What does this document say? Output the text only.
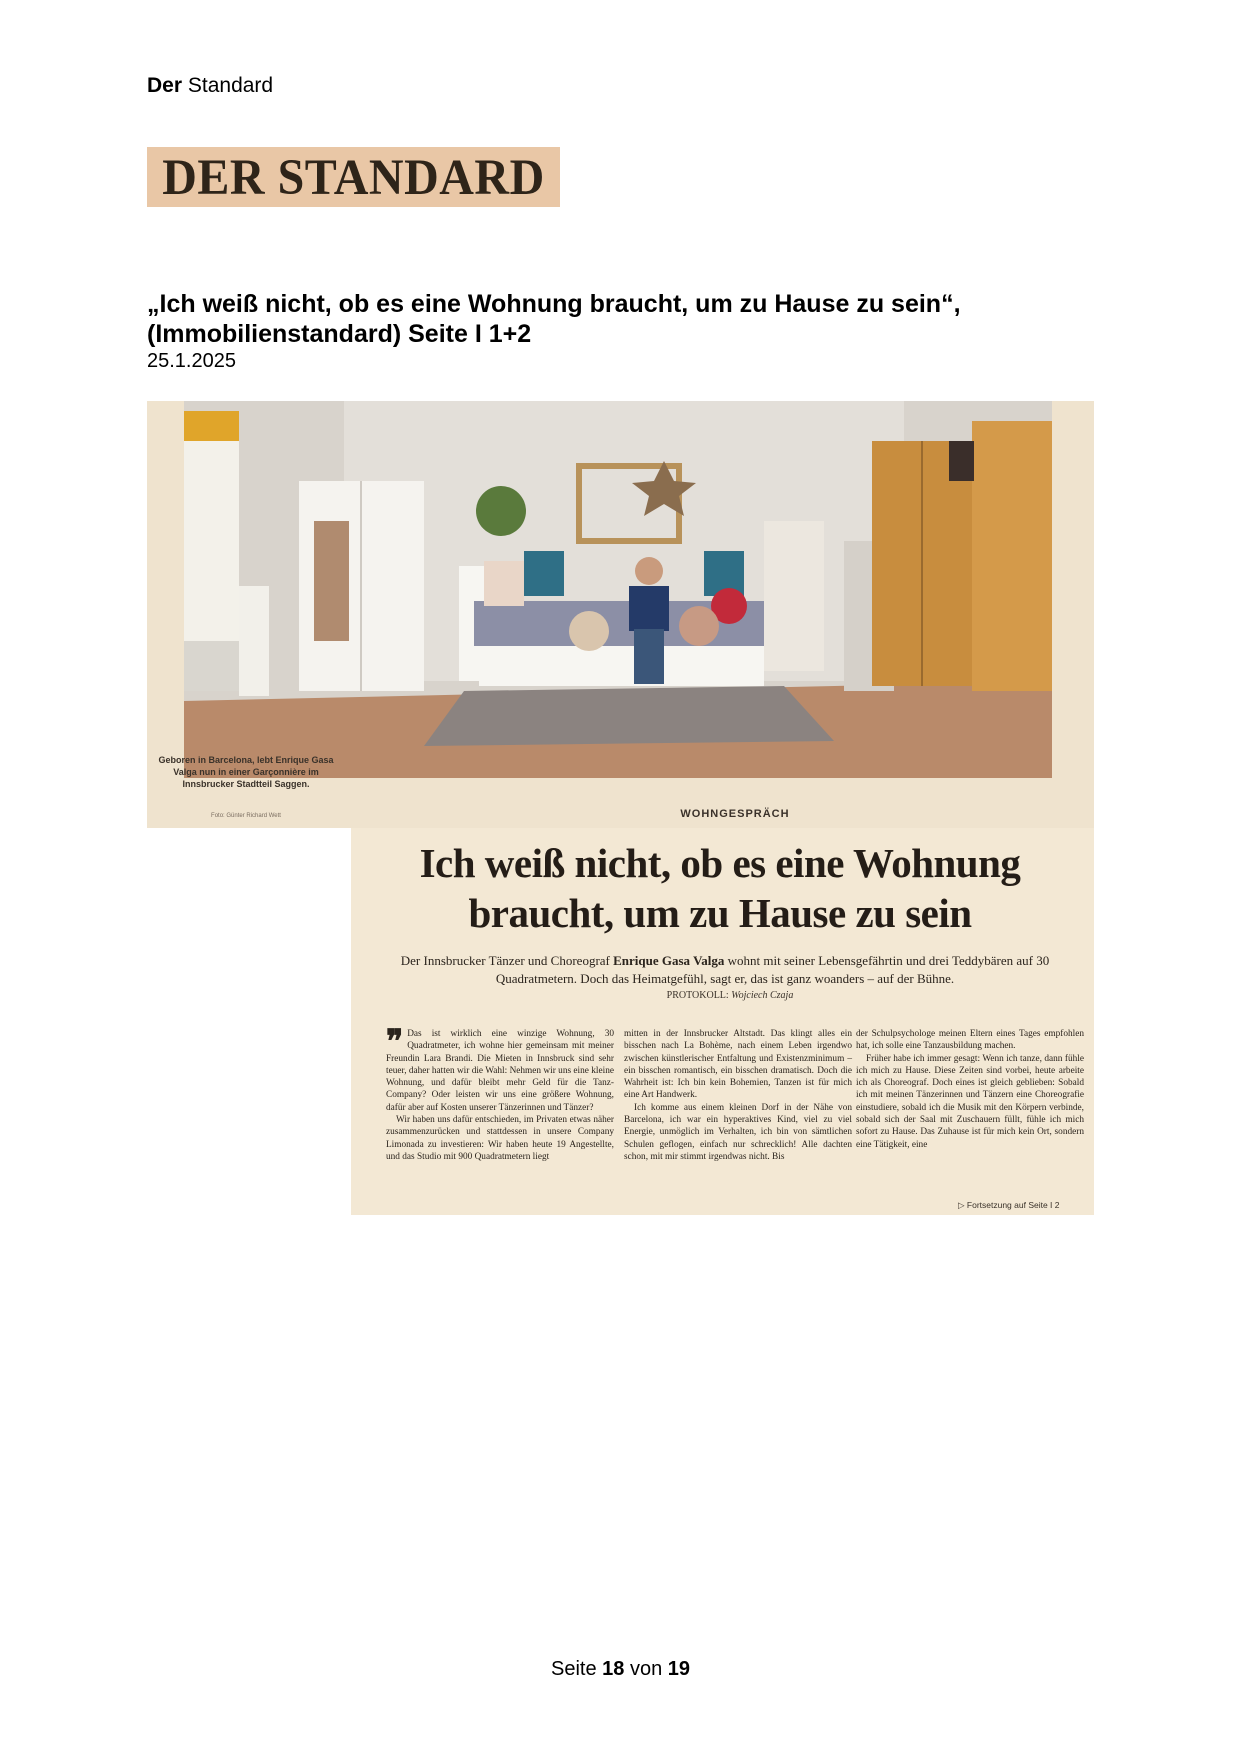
Der Standard
DER STANDARD
„Ich weiß nicht, ob es eine Wohnung braucht, um zu Hause zu sein“,
(Immobilienstandard) Seite I 1+2
25.1.2025
Geboren in Barcelona, lebt Enrique Gasa Valga nun in einer Garçonnière im Innsbrucker Stadtteil Saggen.
Foto: Günter Richard Wett	WOHNGESPRÄCH
Ich weiß nicht, ob es eine Wohnung
braucht, um zu Hause zu sein
Der Innsbrucker Tänzer und Choreograf Enrique Gasa Valga wohnt mit seiner Lebensgefährtin und drei Teddybären auf 30 Quadratmetern. Doch das Heimatgefühl, sagt er, das ist ganz woanders – auf der Bühne.
PROTOKOLL: Wojciech Czaja
❞ Das ist wirklich eine winzige Wohnung, 30 Quadratmeter, ich wohne hier gemeinsam mit meiner Freundin Lara Brandi. Die Mieten in Innsbruck sind sehr teuer, daher hatten wir die Wahl: Nehmen wir uns eine kleine Wohnung, und dafür bleibt mehr Geld für die Tanz-Company? Oder leisten wir uns eine größere Wohnung, dafür aber auf Kosten unserer Tänzerinnen und Tänzer?

Wir haben uns dafür entschieden, im Privaten etwas näher zusammenzurücken und stattdessen in unsere Company Limonada zu investieren: Wir haben heute 19 Angestellte, und das Studio mit 900 Quadratmetern liegt

mitten in der Innsbrucker Altstadt. Das klingt alles ein bisschen nach La Bohème, nach einem Leben irgendwo zwischen künstlerischer Entfaltung und Existenzminimum – ein bisschen romantisch, ein bisschen dramatisch. Doch die Wahrheit ist: Ich bin kein Bohemien, Tanzen ist für mich eine Art Handwerk.

Ich komme aus einem kleinen Dorf in der Nähe von Barcelona, ich war ein hyperaktives Kind, viel zu viel Energie, unmöglich im Verhalten, ich bin von sämtlichen Schulen geflogen, einfach nur schrecklich! Alle dachten schon, mit mir stimmt irgendwas nicht. Bis

der Schulpsychologe meinen Eltern eines Tages empfohlen hat, ich solle eine Tanzausbildung machen.

Früher habe ich immer gesagt: Wenn ich tanze, dann fühle ich mich zu Hause. Diese Zeiten sind vorbei, heute arbeite ich als Choreograf. Doch eines ist gleich geblieben: Sobald ich mit meinen Tänzerinnen und Tänzern eine Choreografie einstudiere, sobald ich die Musik mit den Körpern verbinde, sobald sich der Saal mit Zuschauern füllt, fühle ich mich sofort zu Hause. Das Zuhause ist für mich kein Ort, sondern eine Tätigkeit, eine

▷ Fortsetzung auf Seite I 2
Seite 18 von 19
